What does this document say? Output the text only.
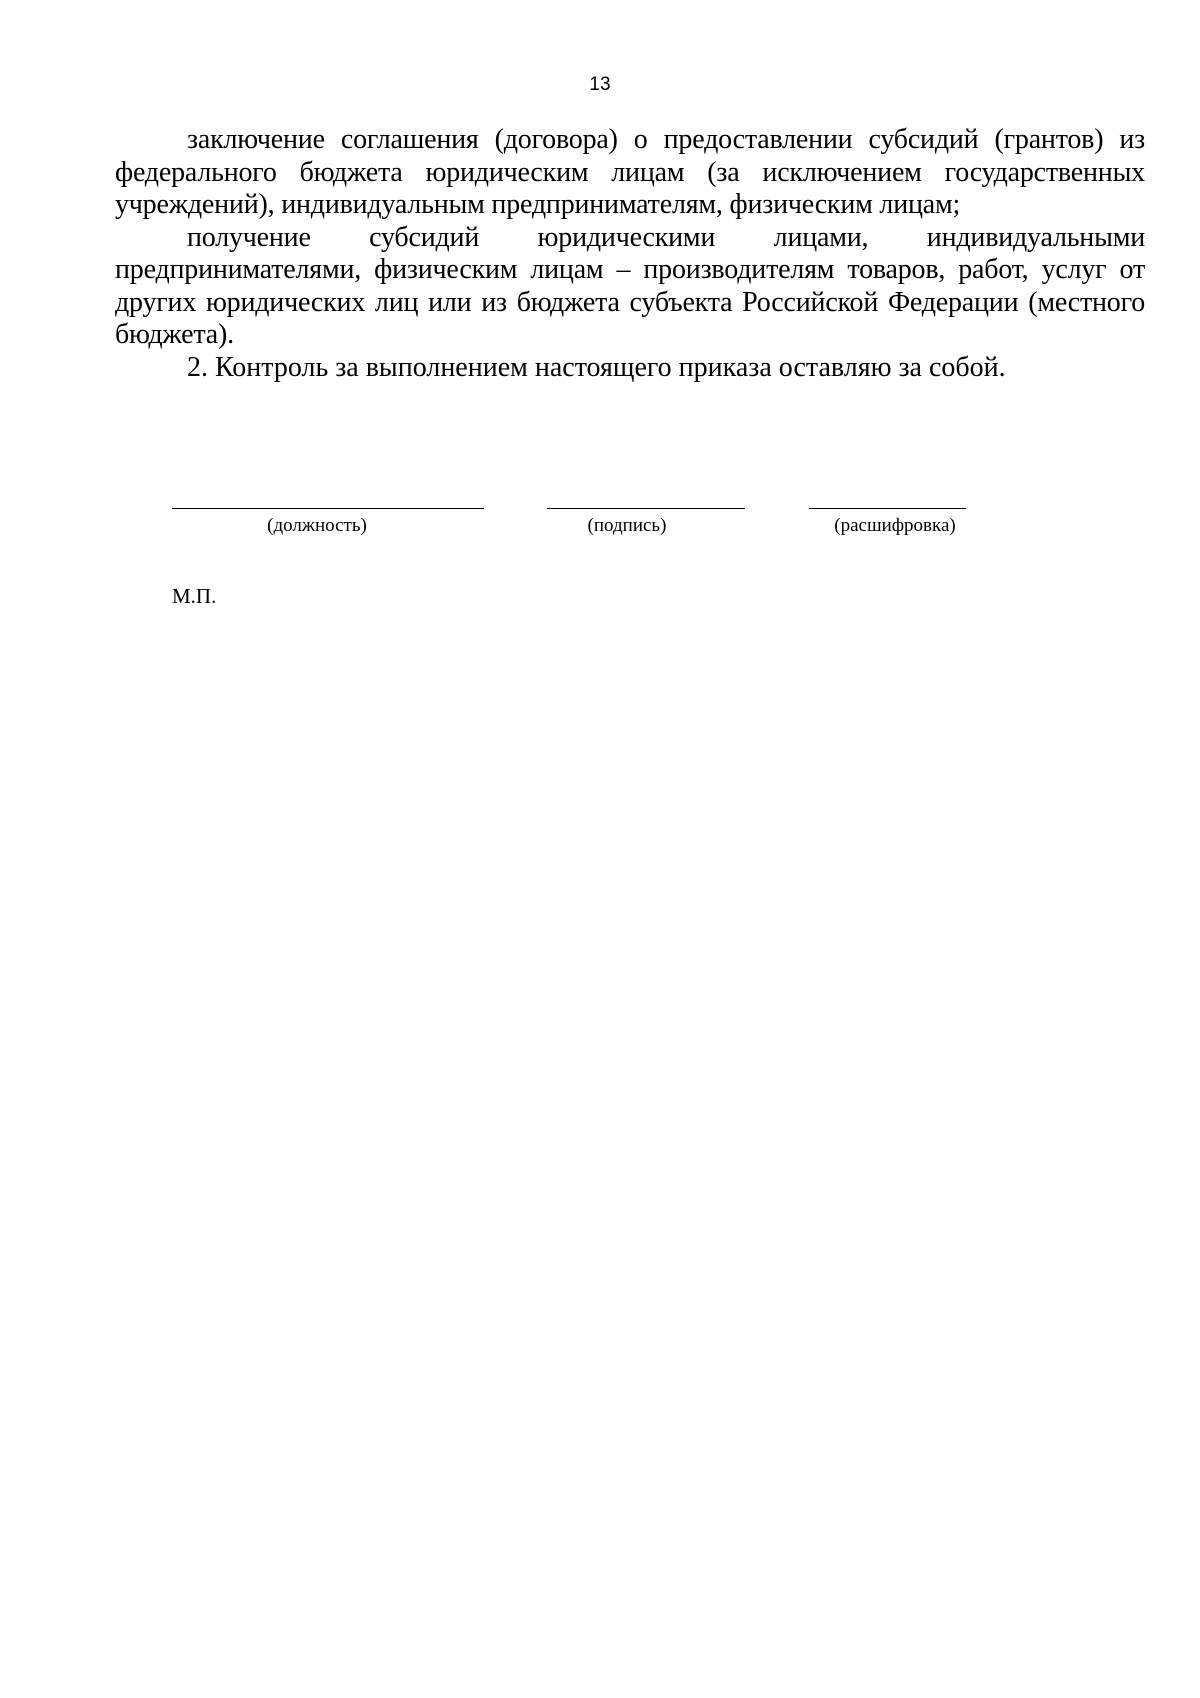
13

заключение соглашения (договора) о предоставлении субсидий (грантов) из федерального бюджета юридическим лицам (за исключением государственных учреждений), индивидуальным предпринимателям, физическим лицам;

получение субсидий юридическими лицами, индивидуальными предпринимателями, физическим лицам – производителям товаров, работ, услуг от других юридических лиц или из бюджета субъекта Российской Федерации (местного бюджета).

2. Контроль за выполнением настоящего приказа оставляю за собой.

(должность)	(подпись)	(расшифровка)
М.П.
